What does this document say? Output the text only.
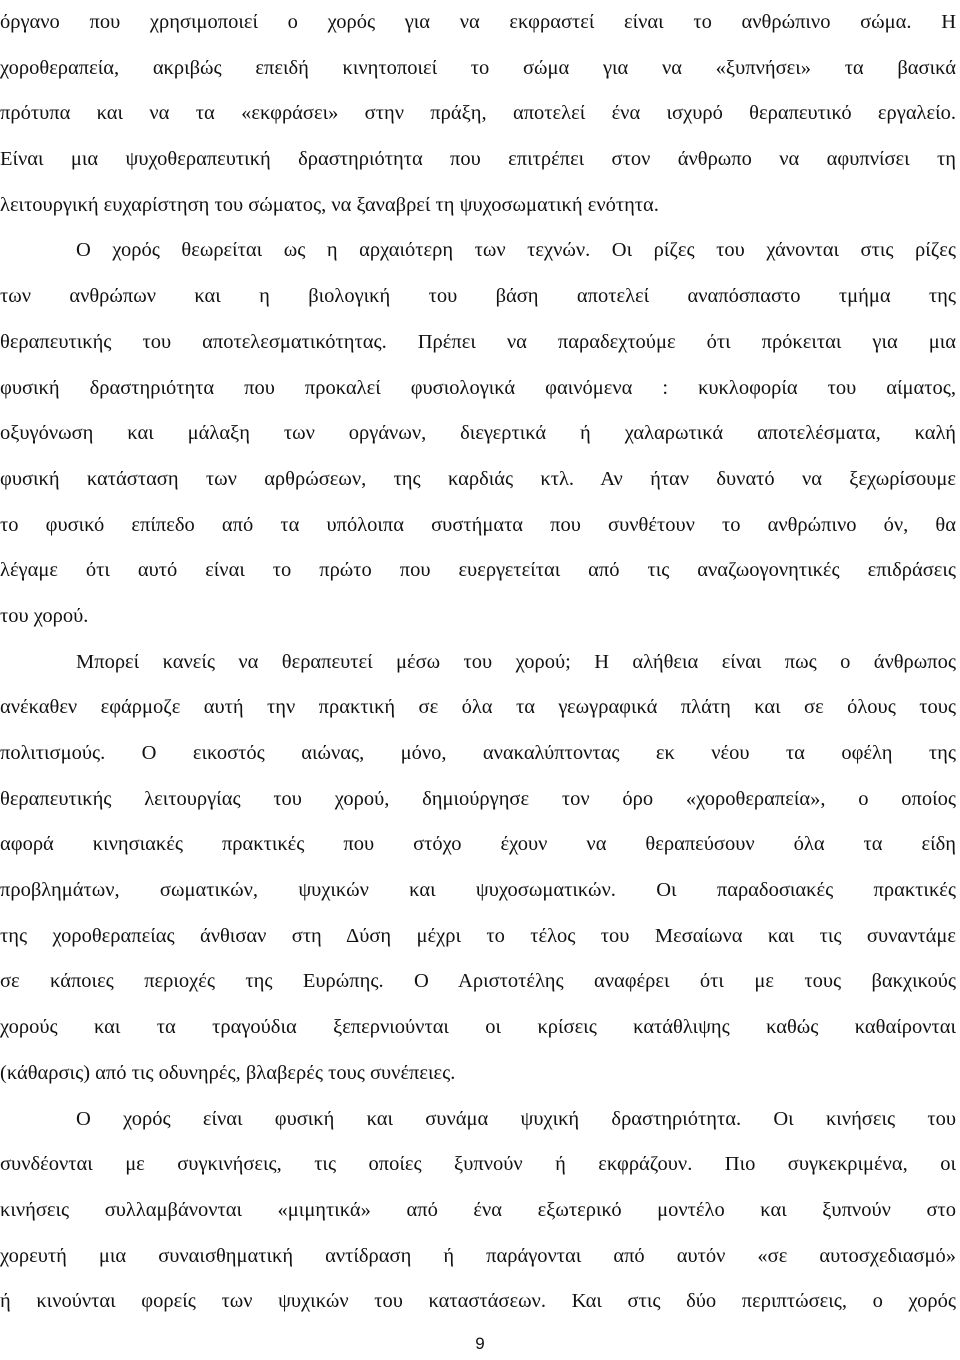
όργανο που χρησιμοποιεί ο χορός για να εκφραστεί είναι το ανθρώπινο σώμα. Η
χοροθεραπεία, ακριβώς επειδή κινητοποιεί το σώμα για να «ξυπνήσει» τα βασικά
πρότυπα και να τα «εκφράσει» στην πράξη, αποτελεί ένα ισχυρό θεραπευτικό εργαλείο.
Είναι μια ψυχοθεραπευτική δραστηριότητα που επιτρέπει στον άνθρωπο να αφυπνίσει τη
λειτουργική ευχαρίστηση του σώματος, να ξαναβρεί τη ψυχοσωματική ενότητα.
Ο χορός θεωρείται ως η αρχαιότερη των τεχνών. Οι ρίζες του χάνονται στις ρίζες
των ανθρώπων και η βιολογική του βάση αποτελεί αναπόσπαστο τμήμα της
θεραπευτικής του αποτελεσματικότητας. Πρέπει να παραδεχτούμε ότι πρόκειται για μια
φυσική δραστηριότητα που προκαλεί φυσιολογικά φαινόμενα : κυκλοφορία του αίματος,
οξυγόνωση και μάλαξη των οργάνων, διεγερτικά ή χαλαρωτικά αποτελέσματα, καλή
φυσική κατάσταση των αρθρώσεων, της καρδιάς κτλ. Αν ήταν δυνατό να ξεχωρίσουμε
το φυσικό επίπεδο από τα υπόλοιπα συστήματα που συνθέτουν το ανθρώπινο όν, θα
λέγαμε ότι αυτό είναι το πρώτο που ευεργετείται από τις αναζωογονητικές επιδράσεις
του χορού.
Μπορεί κανείς να θεραπευτεί μέσω του χορού; Η αλήθεια είναι πως ο άνθρωπος
ανέκαθεν εφάρμοζε αυτή την πρακτική σε όλα τα γεωγραφικά πλάτη και σε όλους τους
πολιτισμούς. Ο εικοστός αιώνας, μόνο, ανακαλύπτοντας εκ νέου τα οφέλη της
θεραπευτικής λειτουργίας του χορού, δημιούργησε τον όρο «χοροθεραπεία», ο οποίος
αφορά κινησιακές πρακτικές που στόχο έχουν να θεραπεύσουν όλα τα είδη
προβλημάτων, σωματικών, ψυχικών και ψυχοσωματικών. Οι παραδοσιακές πρακτικές
της χοροθεραπείας άνθισαν στη Δύση μέχρι το τέλος του Μεσαίωνα και τις συναντάμε
σε κάποιες περιοχές της Ευρώπης. Ο Αριστοτέλης αναφέρει ότι με τους βακχικούς
χορούς και τα τραγούδια ξεπερνιούνται οι κρίσεις κατάθλιψης καθώς καθαίρονται
(κάθαρσις) από τις οδυνηρές, βλαβερές τους συνέπειες.
Ο χορός είναι φυσική και συνάμα ψυχική δραστηριότητα. Οι κινήσεις του
συνδέονται με συγκινήσεις, τις οποίες ξυπνούν ή εκφράζουν. Πιο συγκεκριμένα, οι
κινήσεις συλλαμβάνονται «μιμητικά» από ένα εξωτερικό μοντέλο και ξυπνούν στο
χορευτή μια συναισθηματική αντίδραση ή παράγονται από αυτόν «σε αυτοσχεδιασμό»
ή κινούνται φορείς των ψυχικών του καταστάσεων. Και στις δύο περιπτώσεις, ο χορός
9
